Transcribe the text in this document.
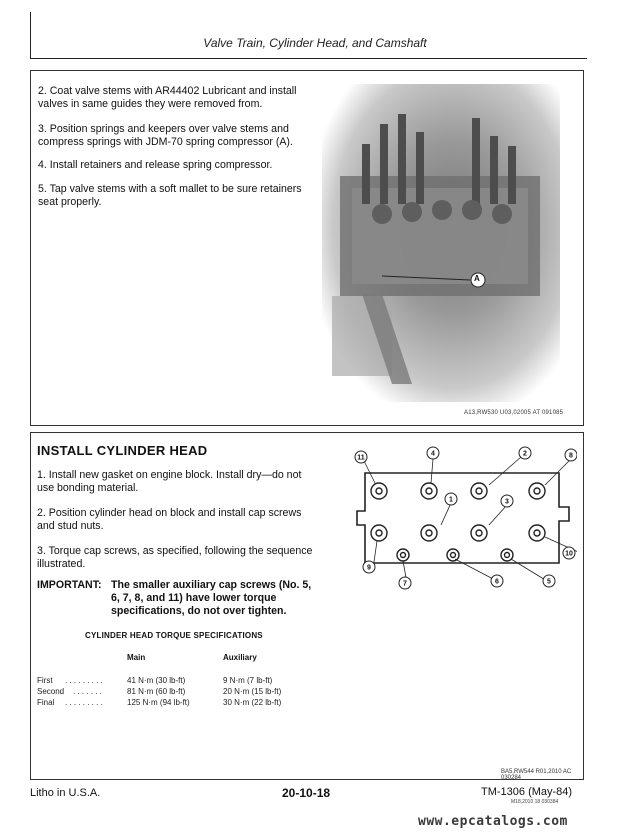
Valve Train, Cylinder Head, and Camshaft
2. Coat valve stems with AR44402 Lubricant and install valves in same guides they were removed from.
3. Position springs and keepers over valve stems and compress springs with JDM-70 spring compressor (A).
4. Install retainers and release spring compressor.
5. Tap valve stems with a soft mallet to be sure retainers seat properly.
A
A13,RW530 U03,02005 AT 091085
INSTALL CYLINDER HEAD
1. Install new gasket on engine block. Install dry—do not use bonding material.
2. Position cylinder head on block and install cap screws and stud nuts.
3. Torque cap screws, as specified, following the sequence illustrated.
IMPORTANT: The smaller auxiliary cap screws (No. 5, 6, 7, 8, and 11) have lower torque specifications, do not over tighten.
CYLINDER HEAD TORQUE SPECIFICATIONS
Main	Auxiliary
First . . . . . . . . .	41 N·m (30 lb-ft)	9 N·m (7 lb-ft)
Second . . . . . . .	81 N·m (60 lb-ft)	20 N·m (15 lb-ft)
Final . . . . . . . . .	125 N·m (94 lb-ft)	30 N·m (22 lb-ft)
1
2
3
4
5
6
7
8
9
10
11
BA5,RW544 R01,2010 AC 030284
Litho in U.S.A.	20-10-18	TM-1306 (May-84)
M18,2010 18 030384
www.epcatalogs.com
